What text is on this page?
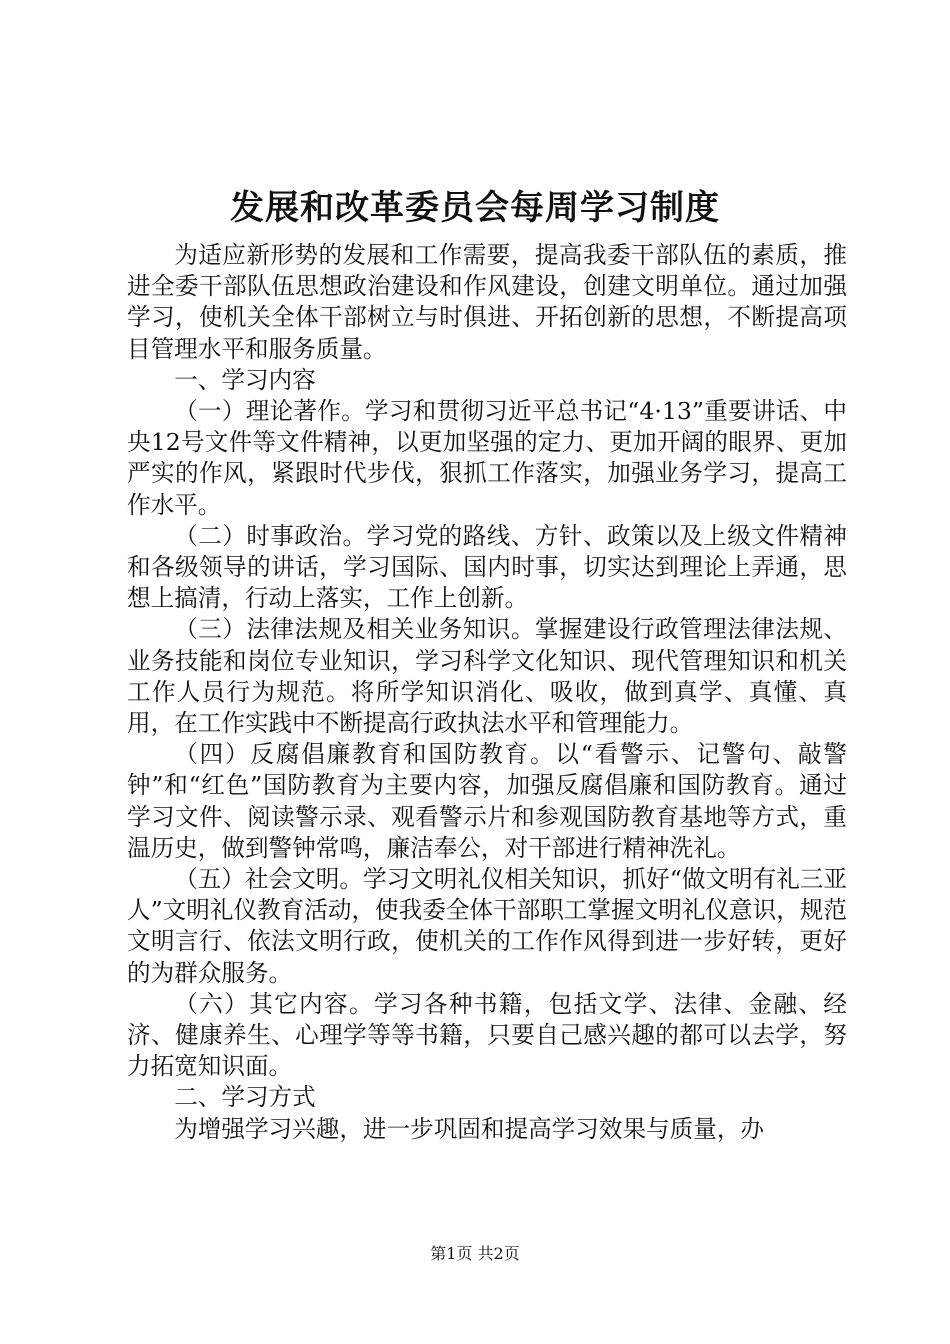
发展和改革委员会每周学习制度

为适应新形势的发展和工作需要，提高我委干部队伍的素质，推进全委干部队伍思想政治建设和作风建设，创建文明单位。通过加强学习，使机关全体干部树立与时俱进、开拓创新的思想，不断提高项目管理水平和服务质量。

一、学习内容

（一）理论著作。学习和贯彻习近平总书记“4·13”重要讲话、中央12号文件等文件精神，以更加坚强的定力、更加开阔的眼界、更加严实的作风，紧跟时代步伐，狠抓工作落实，加强业务学习，提高工作水平。

（二）时事政治。学习党的路线、方针、政策以及上级文件精神和各级领导的讲话，学习国际、国内时事，切实达到理论上弄通，思想上搞清，行动上落实，工作上创新。

（三）法律法规及相关业务知识。掌握建设行政管理法律法规、业务技能和岗位专业知识，学习科学文化知识、现代管理知识和机关工作人员行为规范。将所学知识消化、吸收，做到真学、真懂、真用，在工作实践中不断提高行政执法水平和管理能力。

（四）反腐倡廉教育和国防教育。以“看警示、记警句、敲警钟”和“红色”国防教育为主要内容，加强反腐倡廉和国防教育。通过学习文件、阅读警示录、观看警示片和参观国防教育基地等方式，重温历史，做到警钟常鸣，廉洁奉公，对干部进行精神洗礼。

（五）社会文明。学习文明礼仪相关知识，抓好“做文明有礼三亚人”文明礼仪教育活动，使我委全体干部职工掌握文明礼仪意识，规范文明言行、依法文明行政，使机关的工作作风得到进一步好转，更好的为群众服务。

（六）其它内容。学习各种书籍，包括文学、法律、金融、经济、健康养生、心理学等等书籍，只要自己感兴趣的都可以去学，努力拓宽知识面。

二、学习方式

为增强学习兴趣，进一步巩固和提高学习效果与质量，办

第1页 共2页
